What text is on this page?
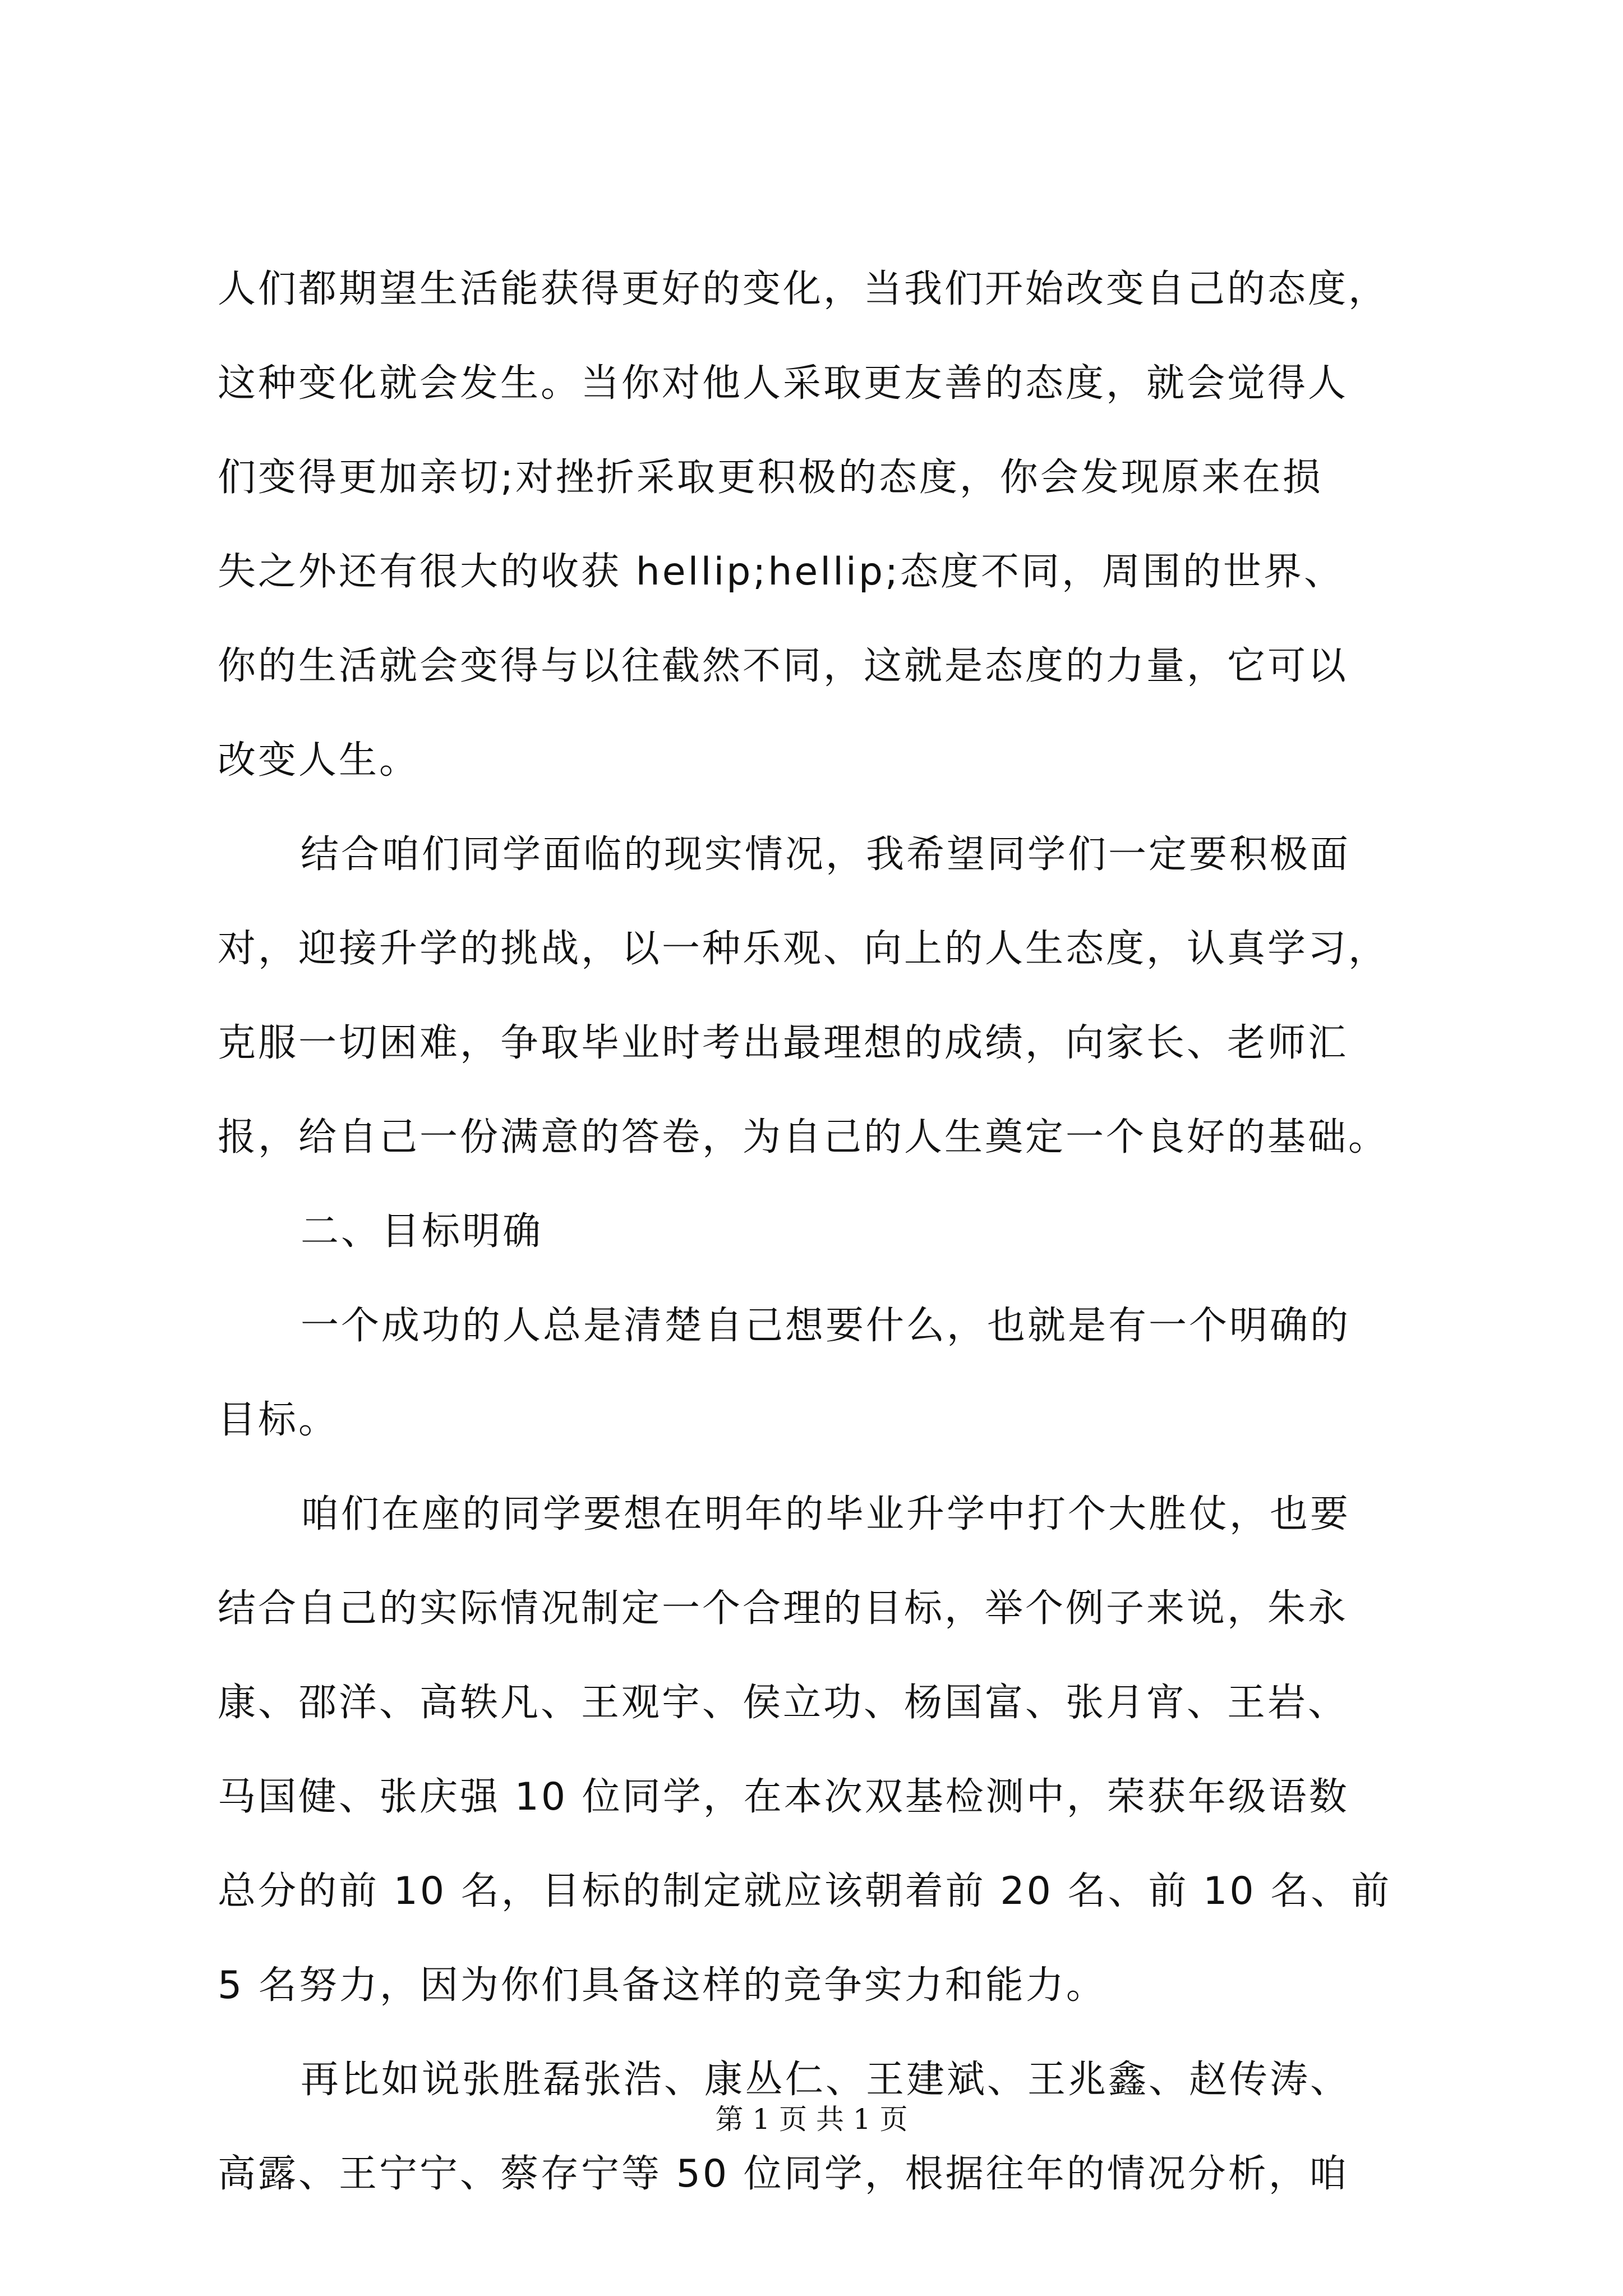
人们都期望生活能获得更好的变化，当我们开始改变自己的态度，
这种变化就会发生。当你对他人采取更友善的态度，就会觉得人
们变得更加亲切;对挫折采取更积极的态度，你会发现原来在损
失之外还有很大的收获 hellip;hellip;态度不同，周围的世界、
你的生活就会变得与以往截然不同，这就是态度的力量，它可以
改变人生。
结合咱们同学面临的现实情况，我希望同学们一定要积极面
对，迎接升学的挑战，以一种乐观、向上的人生态度，认真学习，
克服一切困难，争取毕业时考出最理想的成绩，向家长、老师汇
报，给自己一份满意的答卷，为自己的人生奠定一个良好的基础。
二、目标明确
一个成功的人总是清楚自己想要什么，也就是有一个明确的
目标。
咱们在座的同学要想在明年的毕业升学中打个大胜仗，也要
结合自己的实际情况制定一个合理的目标，举个例子来说，朱永
康、邵洋、高轶凡、王观宇、侯立功、杨国富、张月宵、王岩、
马国健、张庆强 10 位同学，在本次双基检测中，荣获年级语数
总分的前 10 名，目标的制定就应该朝着前 20 名、前 10 名、前
5 名努力，因为你们具备这样的竞争实力和能力。
再比如说张胜磊张浩、康丛仁、王建斌、王兆鑫、赵传涛、
高露、王宁宁、蔡存宁等 50 位同学，根据往年的情况分析，咱
第 1 页 共 1 页
